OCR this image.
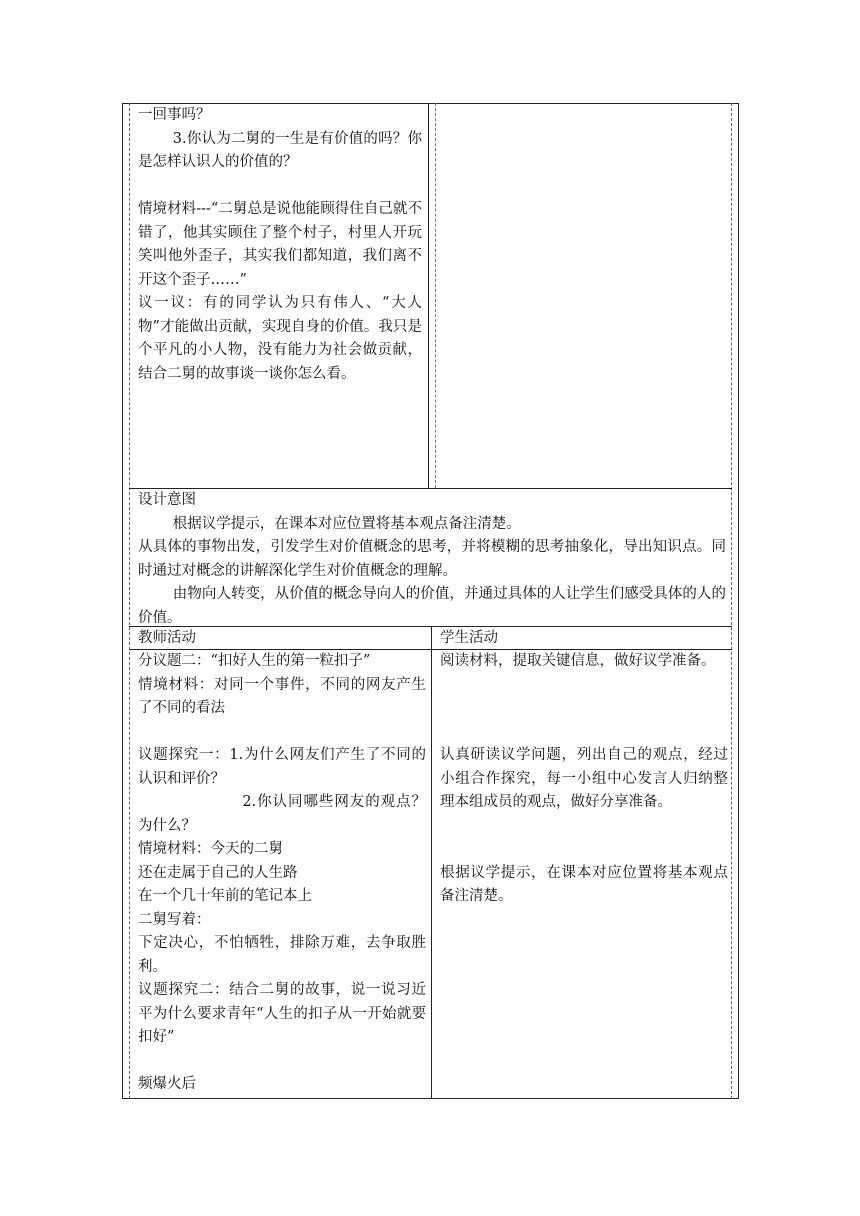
一回事吗？

3.你认为二舅的一生是有价值的吗？你是怎样认识人的价值的？

情境材料---“二舅总是说他能顾得住自己就不错了，他其实顾住了整个村子，村里人开玩笑叫他外歪子，其实我们都知道，我们离不开这个歪子……”

议一议：有的同学认为只有伟人、“大人物”才能做出贡献，实现自身的价值。我只是个平凡的小人物，没有能力为社会做贡献，结合二舅的故事谈一谈你怎么看。

设计意图

根据议学提示，在课本对应位置将基本观点备注清楚。

从具体的事物出发，引发学生对价值概念的思考，并将模糊的思考抽象化，导出知识点。同时通过对概念的讲解深化学生对价值概念的理解。

由物向人转变，从价值的概念导向人的价值，并通过具体的人让学生们感受具体的人的价值。

教师活动	学生活动

分议题二：“扣好人生的第一粒扣子”

情境材料：对同一个事件，不同的网友产生了不同的看法

议题探究一：1.为什么网友们产生了不同的认识和评价？

2.你认同哪些网友的观点？为什么？

情境材料：今天的二舅

还在走属于自己的人生路

在一个几十年前的笔记本上

二舅写着：

下定决心，不怕牺牲，排除万难，去争取胜利。

议题探究二：结合二舅的故事，说一说习近平为什么要求青年“人生的扣子从一开始就要扣好”

频爆火后

阅读材料，提取关键信息，做好议学准备。

认真研读议学问题，列出自己的观点，经过小组合作探究，每一小组中心发言人归纳整理本组成员的观点，做好分享准备。

根据议学提示，在课本对应位置将基本观点备注清楚。
